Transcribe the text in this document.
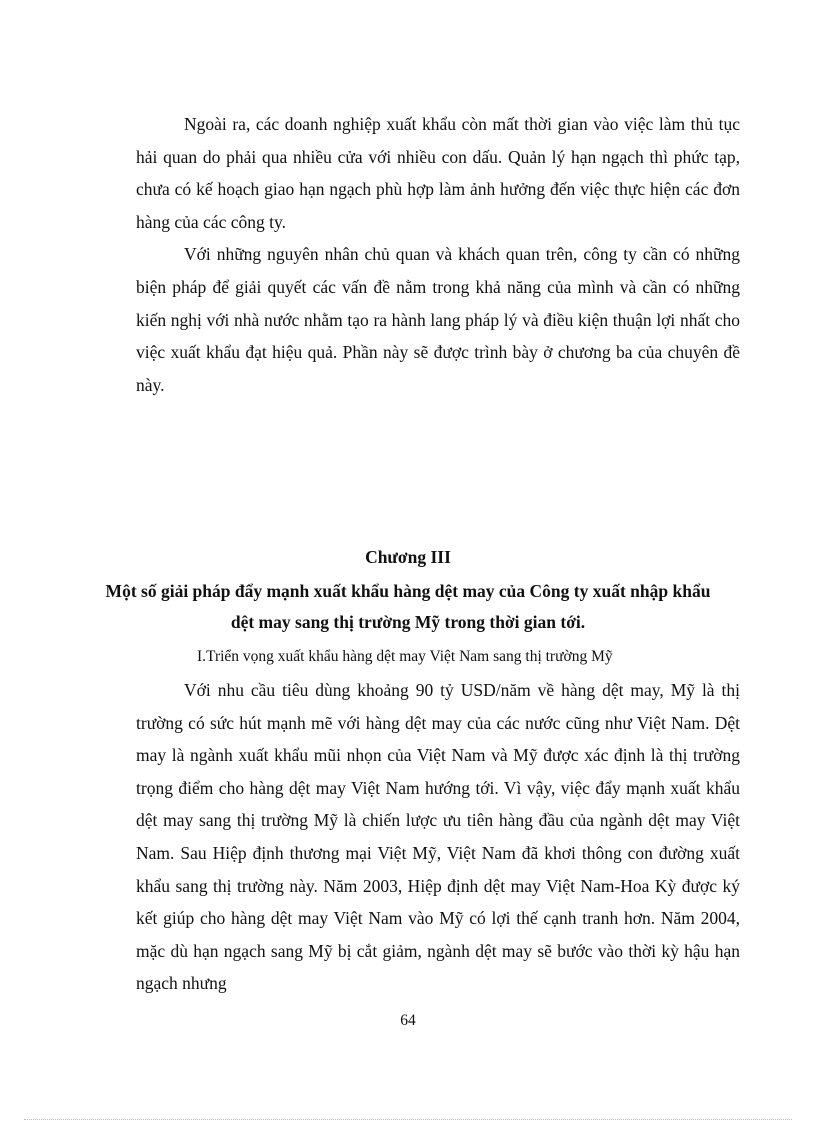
Ngoài ra, các doanh nghiệp xuất khẩu còn mất thời gian vào việc làm thủ tục hải quan do phải qua nhiều cửa với nhiều con dấu. Quản lý hạn ngạch thì phức tạp, chưa có kế hoạch giao hạn ngạch phù hợp làm ảnh hưởng đến việc thực hiện các đơn hàng của các công ty.

Với những nguyên nhân chủ quan và khách quan trên, công ty cần có những biện pháp để giải quyết các vấn đề nằm trong khả năng của mình và cần có những kiến nghị với nhà nước nhằm tạo ra hành lang pháp lý và điều kiện thuận lợi nhất cho việc xuất khẩu đạt hiệu quả. Phần này sẽ được trình bày ở chương ba của chuyên đề này.

Chương III
Một số giải pháp đẩy mạnh xuất khẩu hàng dệt may của Công ty xuất nhập khẩu dệt may sang thị trường Mỹ trong thời gian tới.
I.Triển vọng xuất khẩu hàng dệt may Việt Nam sang thị trường Mỹ

Với nhu cầu tiêu dùng khoảng 90 tỷ USD/năm về hàng dệt may, Mỹ là thị trường có sức hút mạnh mẽ với hàng dệt may của các nước cũng như Việt Nam. Dệt may là ngành xuất khẩu mũi nhọn của Việt Nam và Mỹ được xác định là thị trường trọng điểm cho hàng dệt may Việt Nam hướng tới. Vì vậy, việc đẩy mạnh xuất khẩu dệt may sang thị trường Mỹ là chiến lược ưu tiên hàng đầu của ngành dệt may Việt Nam. Sau Hiệp định thương mại Việt Mỹ, Việt Nam đã khơi thông con đường xuất khẩu sang thị trường này. Năm 2003, Hiệp định dệt may Việt Nam-Hoa Kỳ được ký kết giúp cho hàng dệt may Việt Nam vào Mỹ có lợi thế cạnh tranh hơn. Năm 2004, mặc dù hạn ngạch sang Mỹ bị cắt giảm, ngành dệt may sẽ bước vào thời kỳ hậu hạn ngạch nhưng

64
